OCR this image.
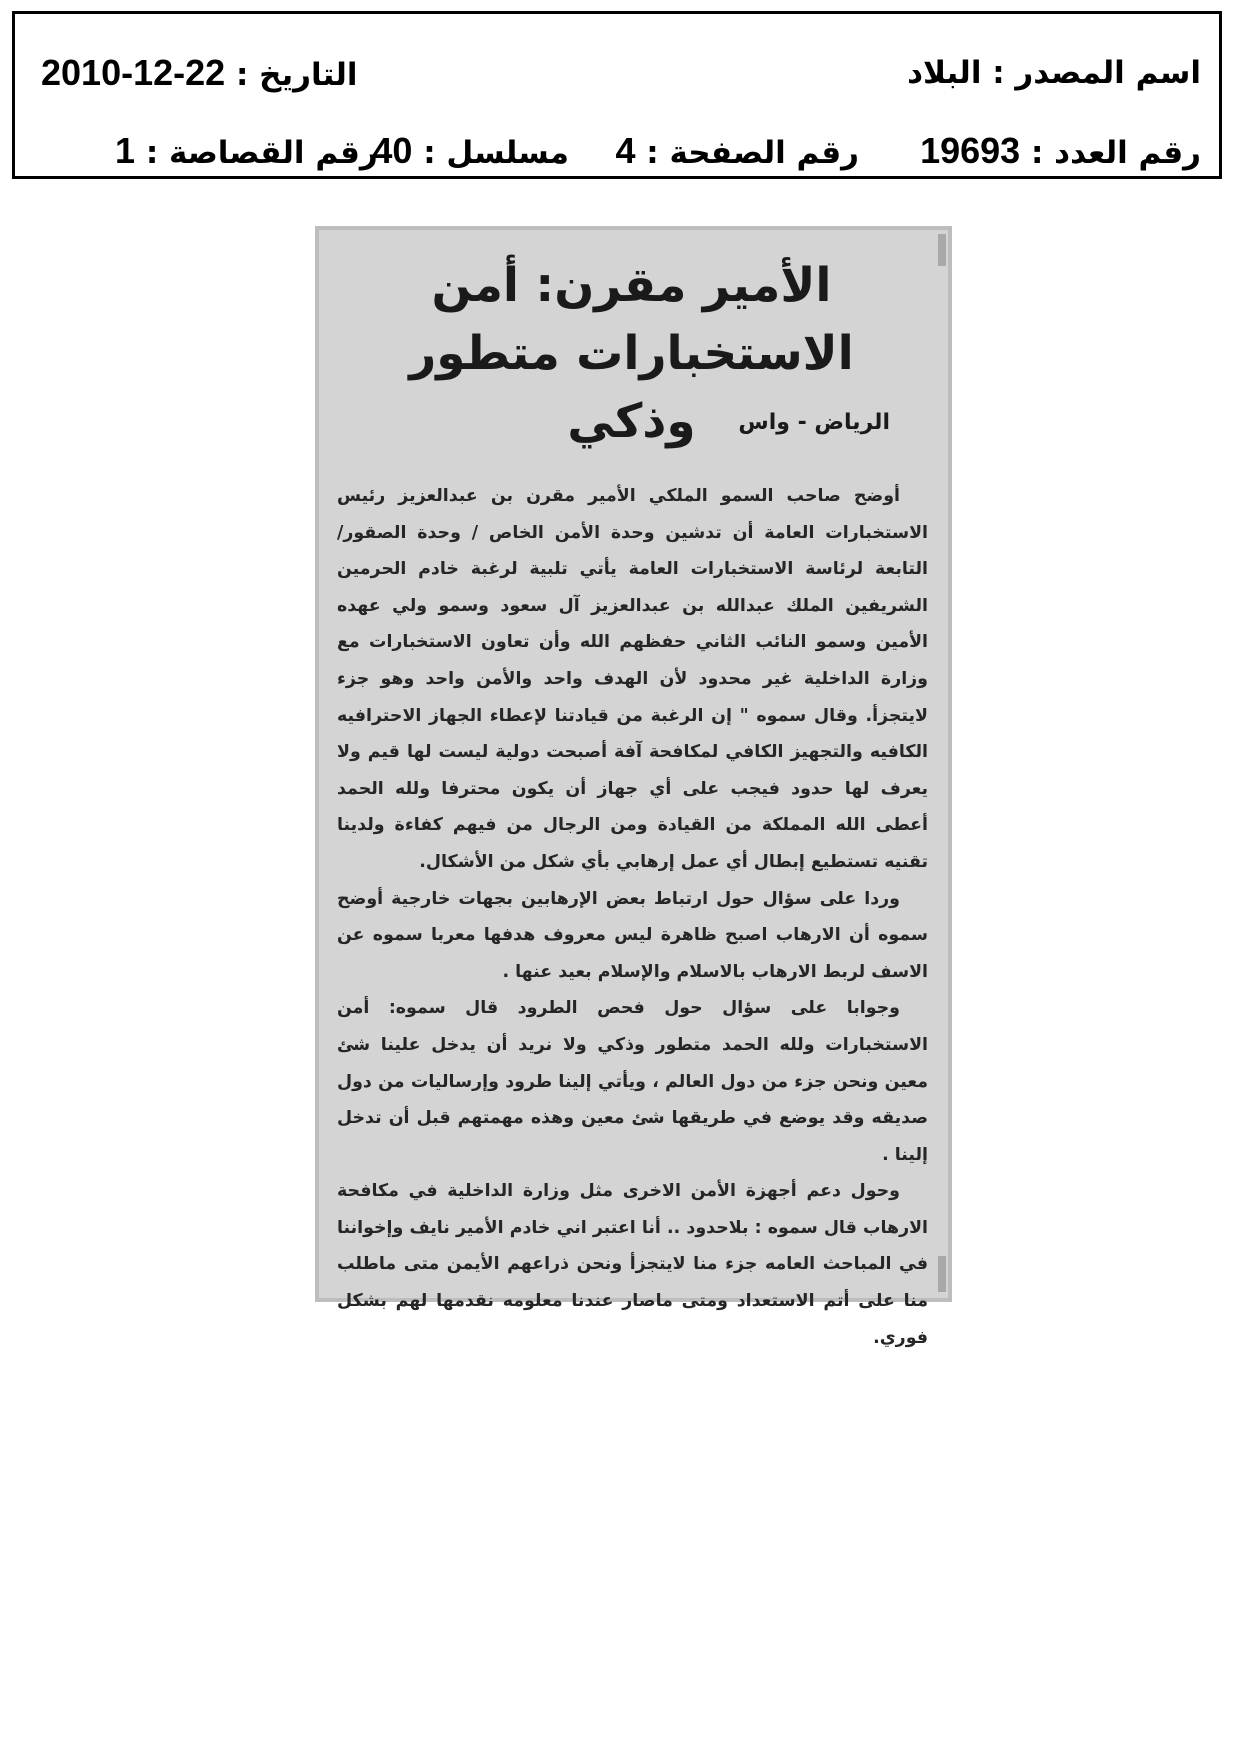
اسم المصدر : البلاد
التاريخ : 2010-12-22
رقم العدد : 19693
رقم الصفحة : 4
مسلسل : 40
رقم القصاصة : 1
الأمير مقرن: أمن الاستخبارات متطور وذكي	الرياض - واس

أوضح صاحب السمو الملكي الأمير مقرن بن عبدالعزيز رئيس الاستخبارات العامة أن تدشين وحدة الأمن الخاص / وحدة الصقور/ التابعة لرئاسة الاستخبارات العامة يأتي تلبية لرغبة خادم الحرمين الشريفين الملك عبدالله بن عبدالعزيز آل سعود وسمو ولي عهده الأمين وسمو النائب الثاني حفظهم الله وأن تعاون الاستخبارات مع وزارة الداخلية غير محدود لأن الهدف واحد والأمن واحد وهو جزء لايتجزأ. وقال سموه " إن الرغبة من قيادتنا لإعطاء الجهاز الاحترافيه الكافيه والتجهيز الكافي لمكافحة آفة أصبحت دولية ليست لها قيم ولا يعرف لها حدود فيجب على أي جهاز أن يكون محترفا ولله الحمد أعطى الله المملكة من القيادة ومن الرجال من فيهم كفاءة ولدينا تقنيه تستطيع إبطال أي عمل إرهابي بأي شكل من الأشكال.

وردا على سؤال حول ارتباط بعض الإرهابين بجهات خارجية أوضح سموه أن الارهاب اصبح ظاهرة ليس معروف هدفها معربا سموه عن الاسف لربط الارهاب بالاسلام والإسلام بعيد عنها .

وجوابا على سؤال حول فحص الطرود قال سموه: أمن الاستخبارات ولله الحمد متطور وذكي ولا نريد أن يدخل علينا شئ معين ونحن جزء من دول العالم ، ويأتي إلينا طرود وإرساليات من دول صديقه وقد يوضع في طريقها شئ معين وهذه مهمتهم قبل أن تدخل إلينا .

وحول دعم أجهزة الأمن الاخرى مثل وزارة الداخلية في مكافحة الارهاب قال سموه : بلاحدود .. أنا اعتبر اني خادم الأمير نايف وإخواننا في المباحث العامه جزء منا لايتجزأ ونحن ذراعهم الأيمن متى ماطلب منا على أتم الاستعداد ومتى ماصار عندنا معلومه نقدمها لهم بشكل فوري.
